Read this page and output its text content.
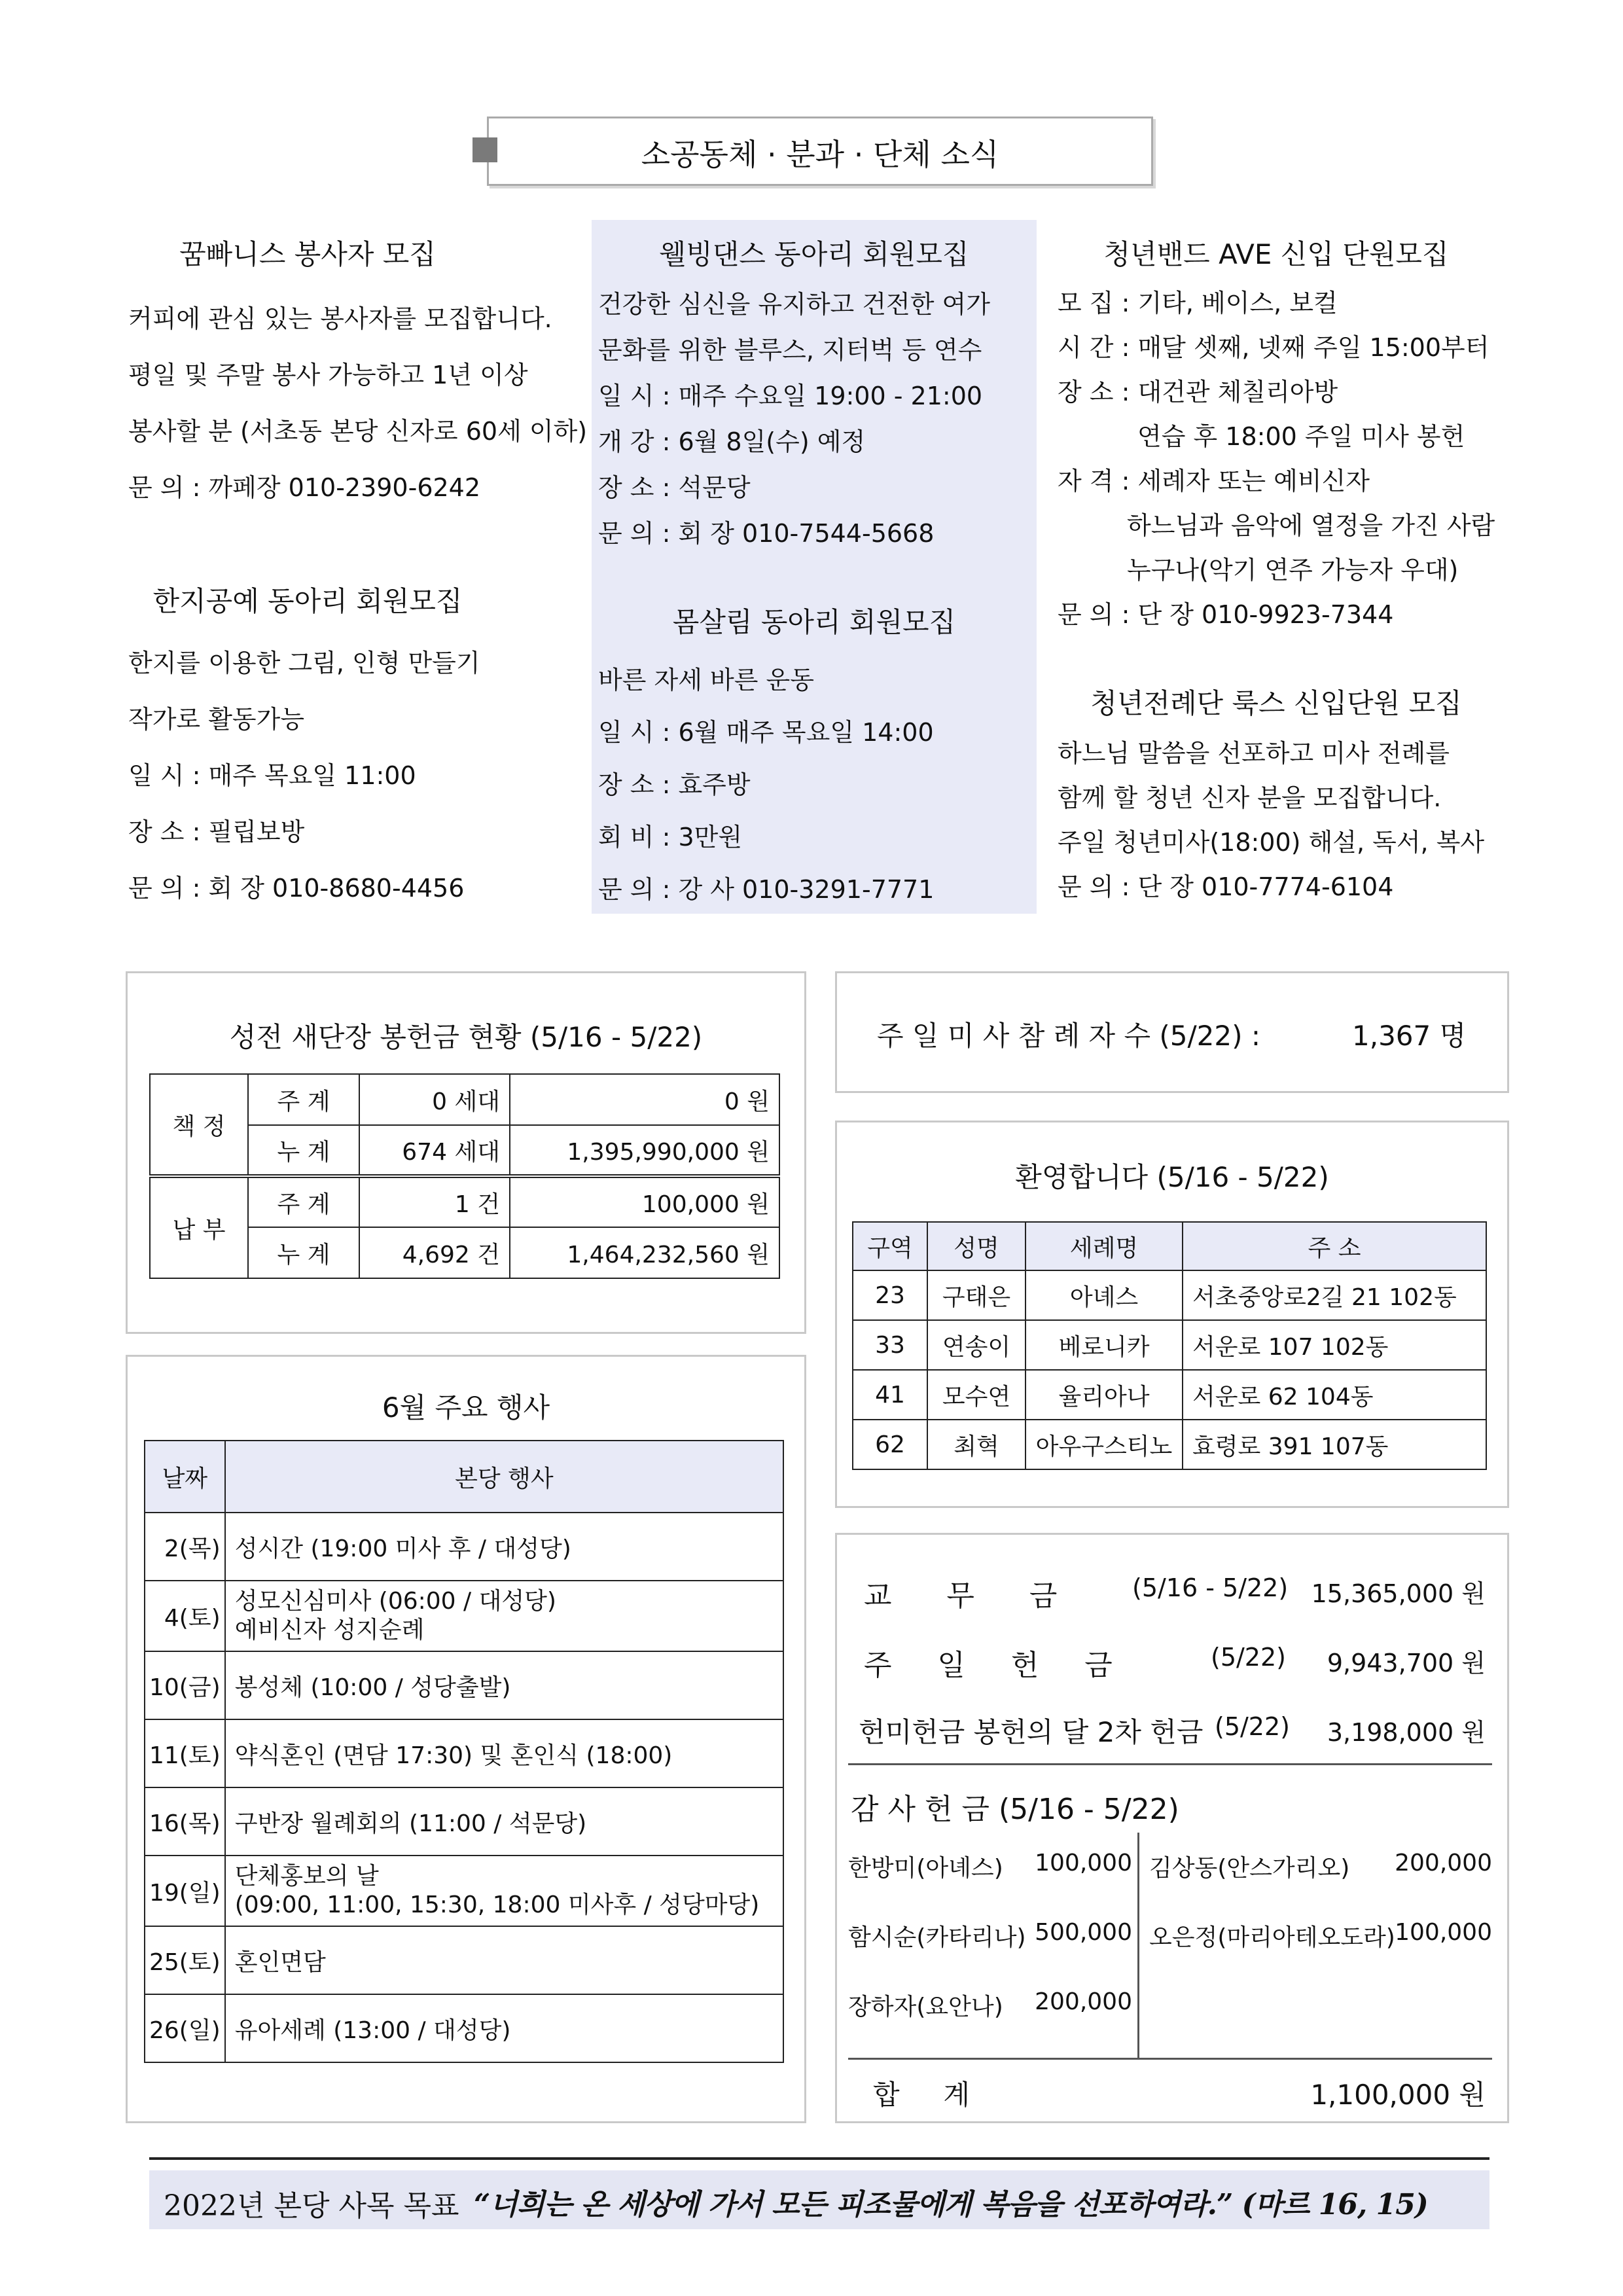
소공동체 · 분과 · 단체 소식
꿈빠니스 봉사자 모집
커피에 관심 있는 봉사자를 모집합니다.
평일 및 주말 봉사 가능하고 1년 이상
봉사할 분 (서초동 본당 신자로 60세 이하)
문 의 : 까페장 010-2390-6242
한지공예 동아리 회원모집
한지를 이용한 그림, 인형 만들기
작가로 활동가능
일 시 : 매주 목요일 11:00
장 소 : 필립보방
문 의 : 회 장 010-8680-4456
웰빙댄스 동아리 회원모집
건강한 심신을 유지하고 건전한 여가
문화를 위한 블루스, 지터벅 등 연수
일 시 : 매주 수요일 19:00 - 21:00
개 강 : 6월 8일(수) 예정
장 소 : 석문당
문 의 : 회 장 010-7544-5668
몸살림 동아리 회원모집
바른 자세 바른 운동
일 시 : 6월 매주 목요일 14:00
장 소 : 효주방
회 비 : 3만원
문 의 : 강 사 010-3291-7771
청년밴드 AVE 신입 단원모집
모 집 : 기타, 베이스, 보컬
시 간 : 매달 셋째, 넷째 주일 15:00부터
장 소 : 대건관 체칠리아방
연습 후 18:00 주일 미사 봉헌
자 격 : 세례자 또는 예비신자
하느님과 음악에 열정을 가진 사람
누구나(악기 연주 가능자 우대)
문 의 : 단 장 010-9923-7344
청년전례단 룩스 신입단원 모집
하느님 말씀을 선포하고 미사 전례를
함께 할 청년 신자 분을 모집합니다.
주일 청년미사(18:00) 해설, 독서, 복사
문 의 : 단 장 010-7774-6104
성전 새단장 봉헌금 현황 (5/16 - 5/22)
책 정	주 계	0 세대	0 원
	누 계	674 세대	1,395,990,000 원
납 부	주 계	1 건	100,000 원
	누 계	4,692 건	1,464,232,560 원
주 일 미 사 참 례 자 수 (5/22) :	1,367 명
환영합니다 (5/16 - 5/22)
구역	성명	세례명	주 소
23	구태은	아녜스	서초중앙로2길 21 102동
33	연송이	베로니카	서운로 107 102동
41	모수연	율리아나	서운로 62 104동
62	최혁	아우구스티노	효령로 391 107동
6월 주요 행사
날짜	본당 행사
2(목)	성시간 (19:00 미사 후 / 대성당)
4(토)	성모신심미사 (06:00 / 대성당)
예비신자 성지순례

10(금)	봉성체 (10:00 / 성당출발)
11(토)	약식혼인 (면담 17:30) 및 혼인식 (18:00)
16(목)	구반장 월례회의 (11:00 / 석문당)
19(일)	단체홍보의 날
(09:00, 11:00, 15:30, 18:00 미사후 / 성당마당)

25(토)	혼인면담
26(일)	유아세례 (13:00 / 대성당)
교      무      금	(5/16 - 5/22) 15,365,000 원
주     일     헌     금	(5/22)	9,943,700 원
헌미헌금 봉헌의 달 2차 헌금 (5/22)	3,198,000 원
감 사 헌 금 (5/16 - 5/22)
한방미(아녜스)	100,000
함시순(카타리나) 500,000
장하자(요안나)	200,000
김상동(안스가리오)	200,000
오은정(마리아테오도라) 100,000
합     계	1,100,000 원
2022년 본당 사목 목표 “너희는 온 세상에 가서 모든 피조물에게 복음을 선포하여라.” (마르 16, 15)
